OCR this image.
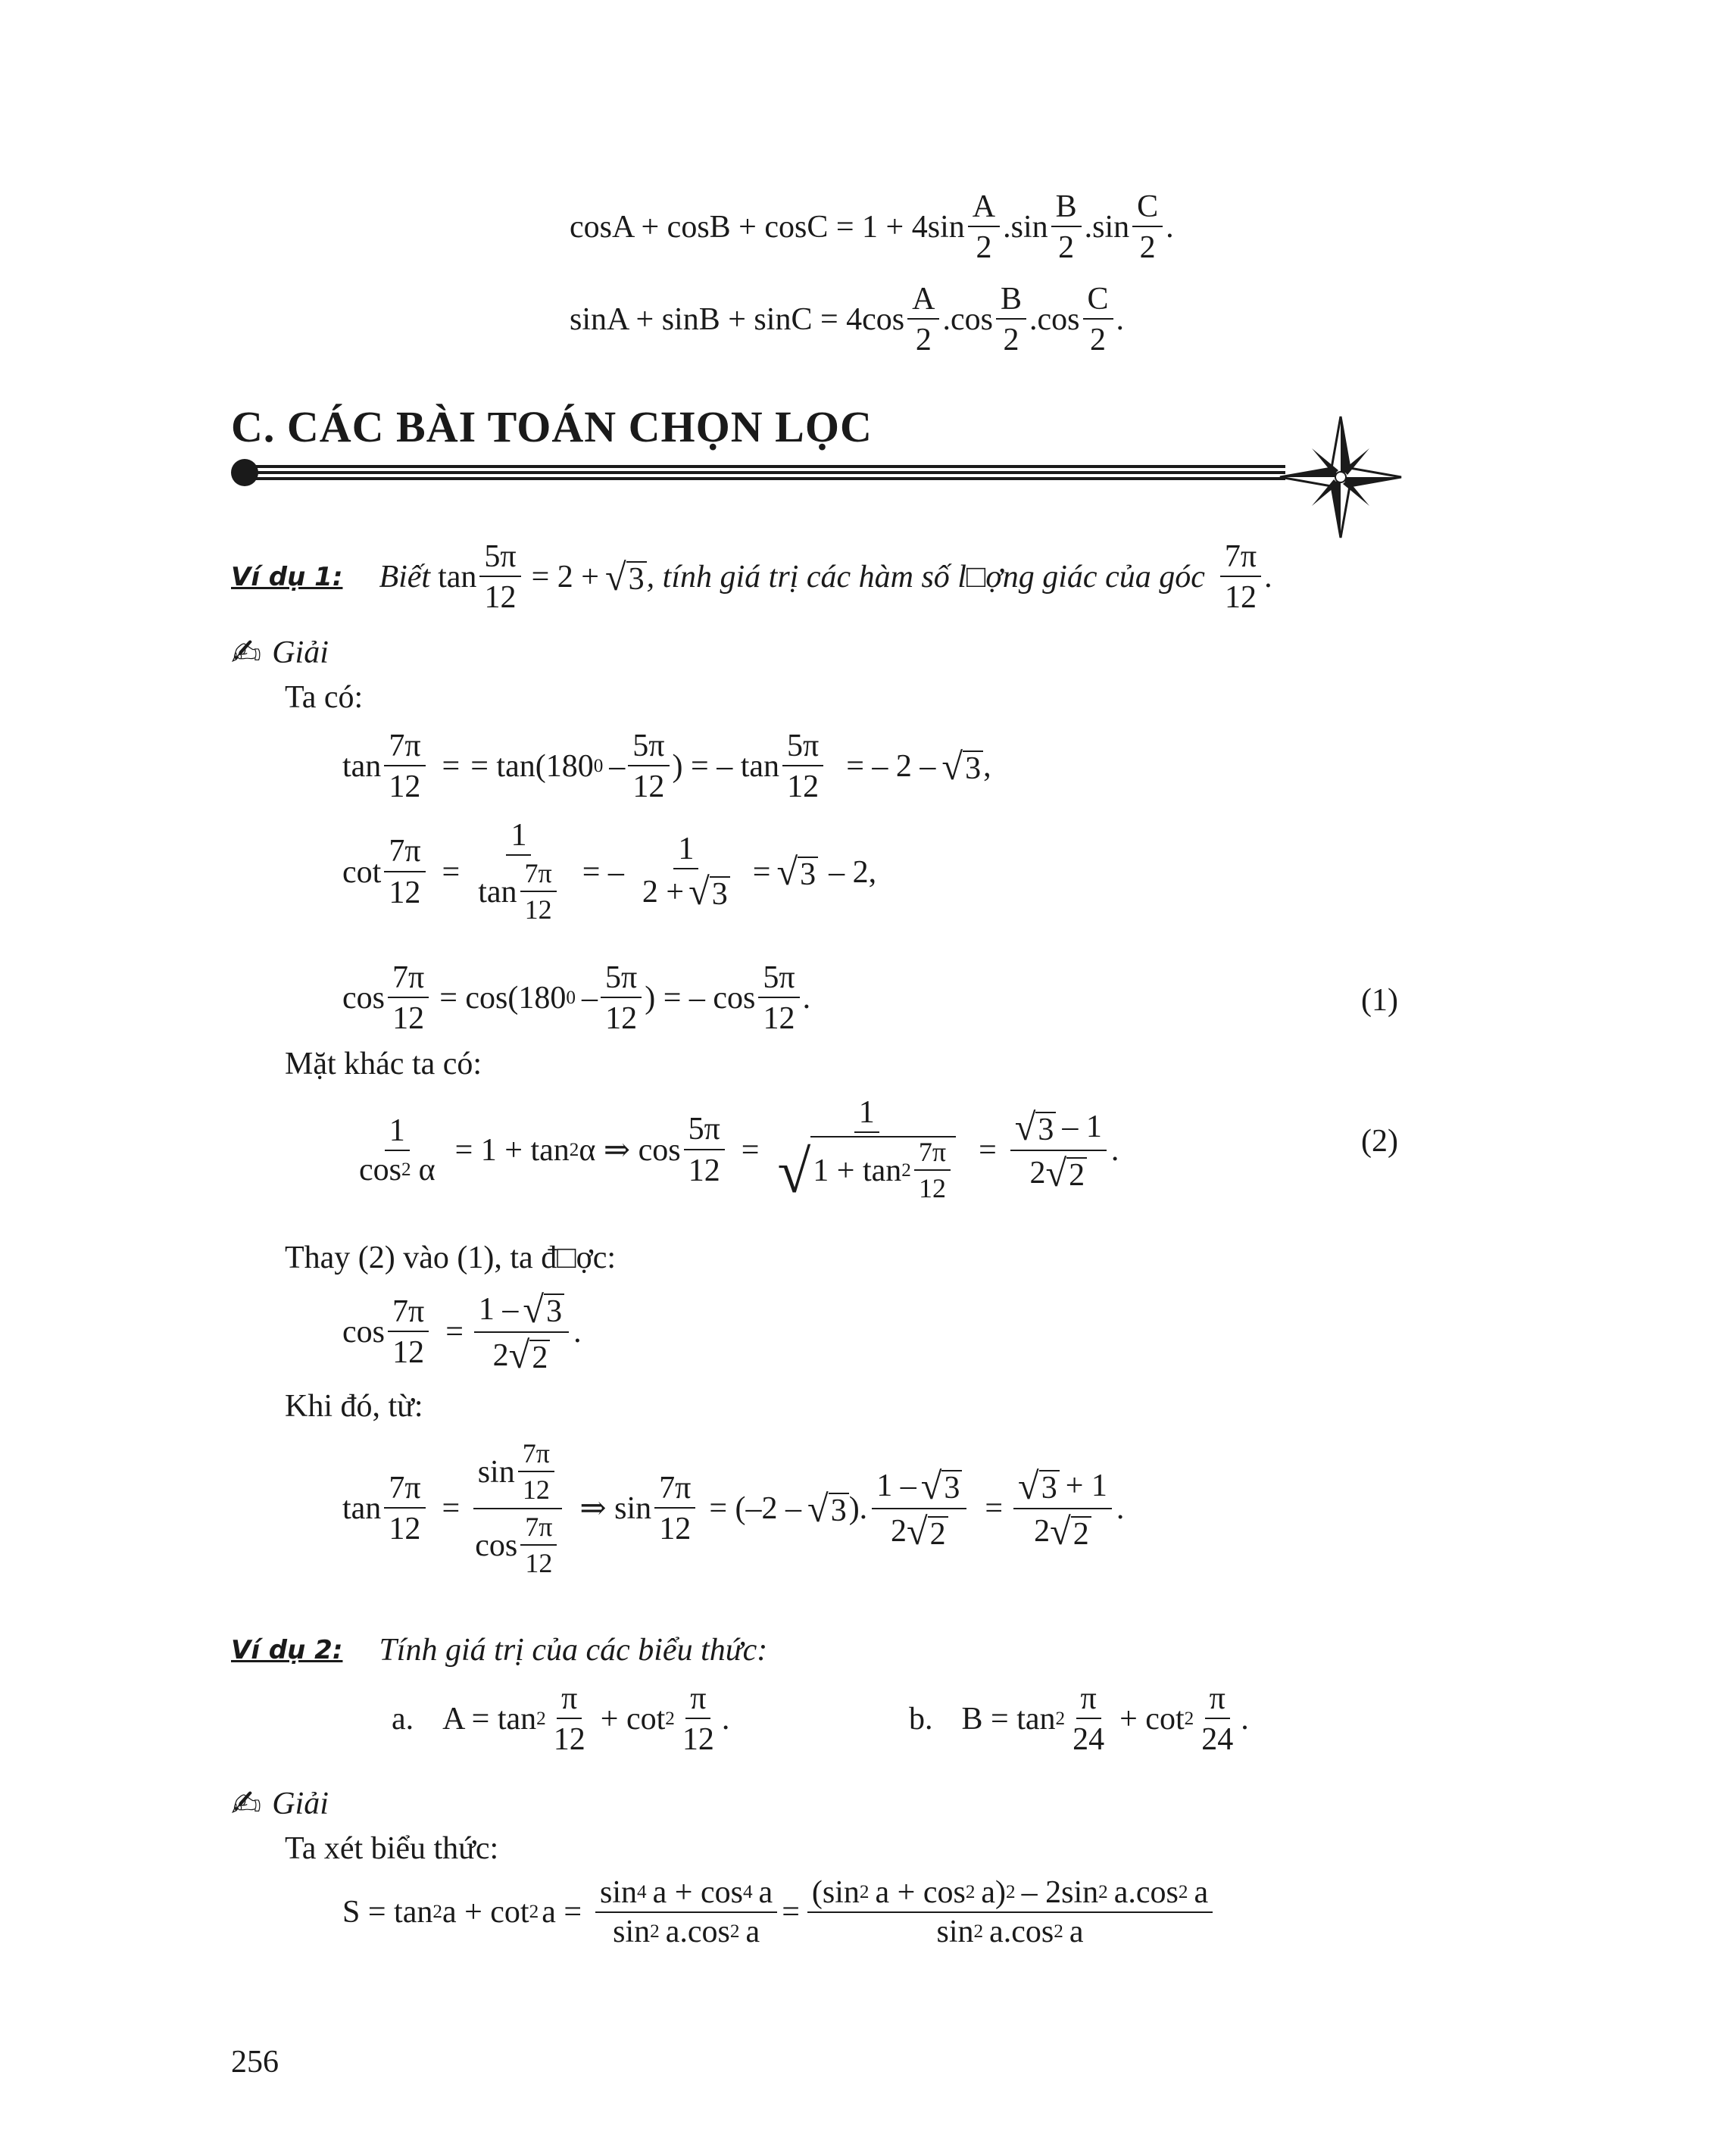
cosA + cosB + cosC = 1 + 4sin
A
2
.sin
B
2
.sin
C
2
.
sinA + sinB + sinC = 4cos
A
2
.cos
B
2
.cos
C
2
.
C. CÁC BÀI TOÁN CHỌN LỌC
Ví dụ 1: Biết $\tan \frac{5\pi}{12} = 2$ + √ 3 , tính giá trị các hàm số l□ợng giác của góc
7π
12
.
✍ Giải
Ta có:
$\tan \frac{7\pi}{12}$ = = tan(180 0 –
5π
12
) = – $\tan \frac{5\pi}{12}$ = – 2 – √ 3 ,
$\cot \frac{7\pi}{12} = 1$
tan
7π
12 = – $\frac{1}{2 + √ 3}$ = √ 3 – 2,
$\cos \frac{7\pi}{12} = \cos(180$ 0 –
5π
12
) = – cos
5π
12
.	(1)
Mặt khác ta có:
$\frac{1}{\cos 2 \alpha} = 1 + \tan 2$ α ⇒ $\cos \frac{5\pi}{12} = 1$
√ 1 + tan 2
7π
$12 = \frac{√ 3 - 1}{2 √ 2}$ .	(2)
Thay (2) vào (1), ta đ□ợc:
$\cos \frac{7\pi}{12} = \frac{1 - √ 3}{2 √ 2}$ .
Khi đó, từ:
$\tan \frac{7\pi}{12} = \sin$
7π
12
cos
7π
12 ⇒ $\sin \frac{7\pi}{12} = (-2$ – √ 3 ). $\frac{1 - √ 3}{2 √ 2} = \frac{√ 3 + 1}{2 √ 2}$ .
Ví dụ 2: Tính giá trị của các biểu thức:
a. A = tan 2
π
12
+ cot 2
π
12
.	b. B = tan 2
π
24
+ cot 2
π
24
.
✍ Giải
Ta xét biểu thức:
S = tan 2 a + cot 2 $a = \frac{\sin 4 a + \cos 4 a}{\sin 2 a.\cos 2 a} = \frac{(\sin 2 a + \cos 2 a) 2 - 2\sin 2 a.\cos 2 a}{\sin 2 a.\cos 2 a}$
256
